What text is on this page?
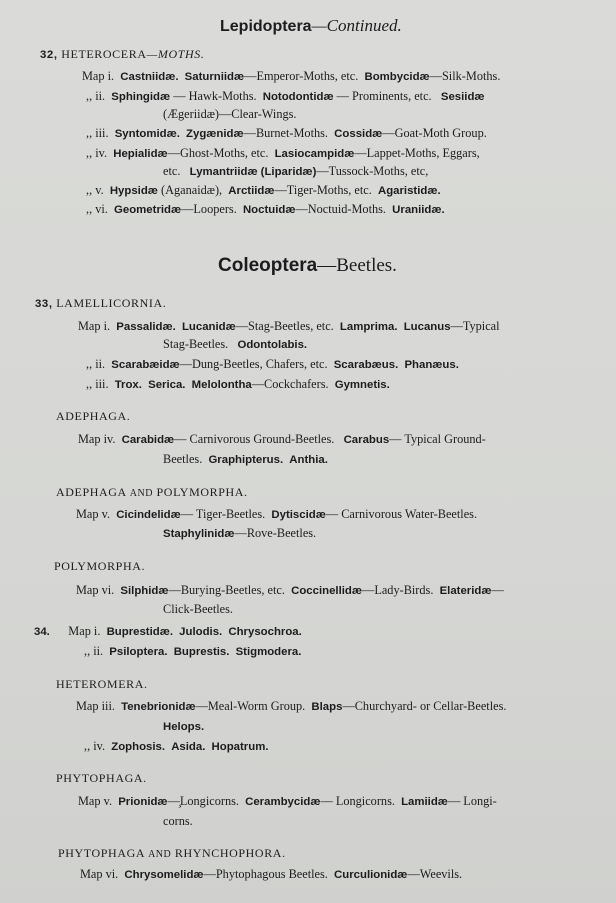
Lepidoptera—Continued.
32, HETEROCERA—MOTHS.
Map i. Castniidæ. Saturniidæ—Emperor-Moths, etc. Bombycidæ—Silk-Moths.
,, ii. Sphingidæ — Hawk-Moths. Notodontidæ — Prominents, etc. Sesiidæ
(Ægeriidæ)—Clear-Wings.
,, iii. Syntomidæ. Zygænidæ—Burnet-Moths. Cossidæ—Goat-Moth Group.
,, iv. Hepialidæ—Ghost-Moths, etc. Lasiocampidæ—Lappet-Moths, Eggars,
etc. Lymantriidæ (Liparidæ)—Tussock-Moths, etc,
,, v. Hypsidæ (Aganaidæ), Arctiidæ—Tiger-Moths, etc. Agaristidæ.
,, vi. Geometridæ—Loopers. Noctuidæ—Noctuid-Moths. Uraniidæ.
Coleoptera—Beetles.
33, LAMELLICORNIA.
Map i. Passalidæ. Lucanidæ—Stag-Beetles, etc. Lamprima. Lucanus—Typical
Stag-Beetles. Odontolabis.
,, ii. Scarabæidæ—Dung-Beetles, Chafers, etc. Scarabæus. Phanæus.
,, iii. Trox. Serica. Melolontha—Cockchafers. Gymnetis.
ADEPHAGA.
Map iv. Carabidæ— Carnivorous Ground-Beetles. Carabus— Typical Ground-
Beetles. Graphipterus. Anthia.
ADEPHAGA AND POLYMORPHA.
Map v. Cicindelidæ— Tiger-Beetles. Dytiscidæ— Carnivorous Water-Beetles.
Staphylinidæ—Rove-Beetles.
POLYMORPHA.
Map vi. Silphidæ—Burying-Beetles, etc. Coccinellidæ—Lady-Birds. Elateridæ—
Click-Beetles.
34. Map i. Buprestidæ. Julodis. Chrysochroa.
,, ii. Psiloptera. Buprestis. Stigmodera.
HETEROMERA.
Map iii. Tenebrionidæ—Meal-Worm Group. Blaps—Churchyard- or Cellar-Beetles.
Helops.
,, iv. Zophosis. Asida. Hopatrum.
PHYTOPHAGA.
Map v. Prionidæ—̧Longicorns. Cerambycidæ— Longicorns. Lamiidæ— Longi-
corns.
PHYTOPHAGA AND RHYNCHOPHORA.
Map vi. Chrysomelidæ—Phytophagous Beetles. Curculionidæ—Weevils.
